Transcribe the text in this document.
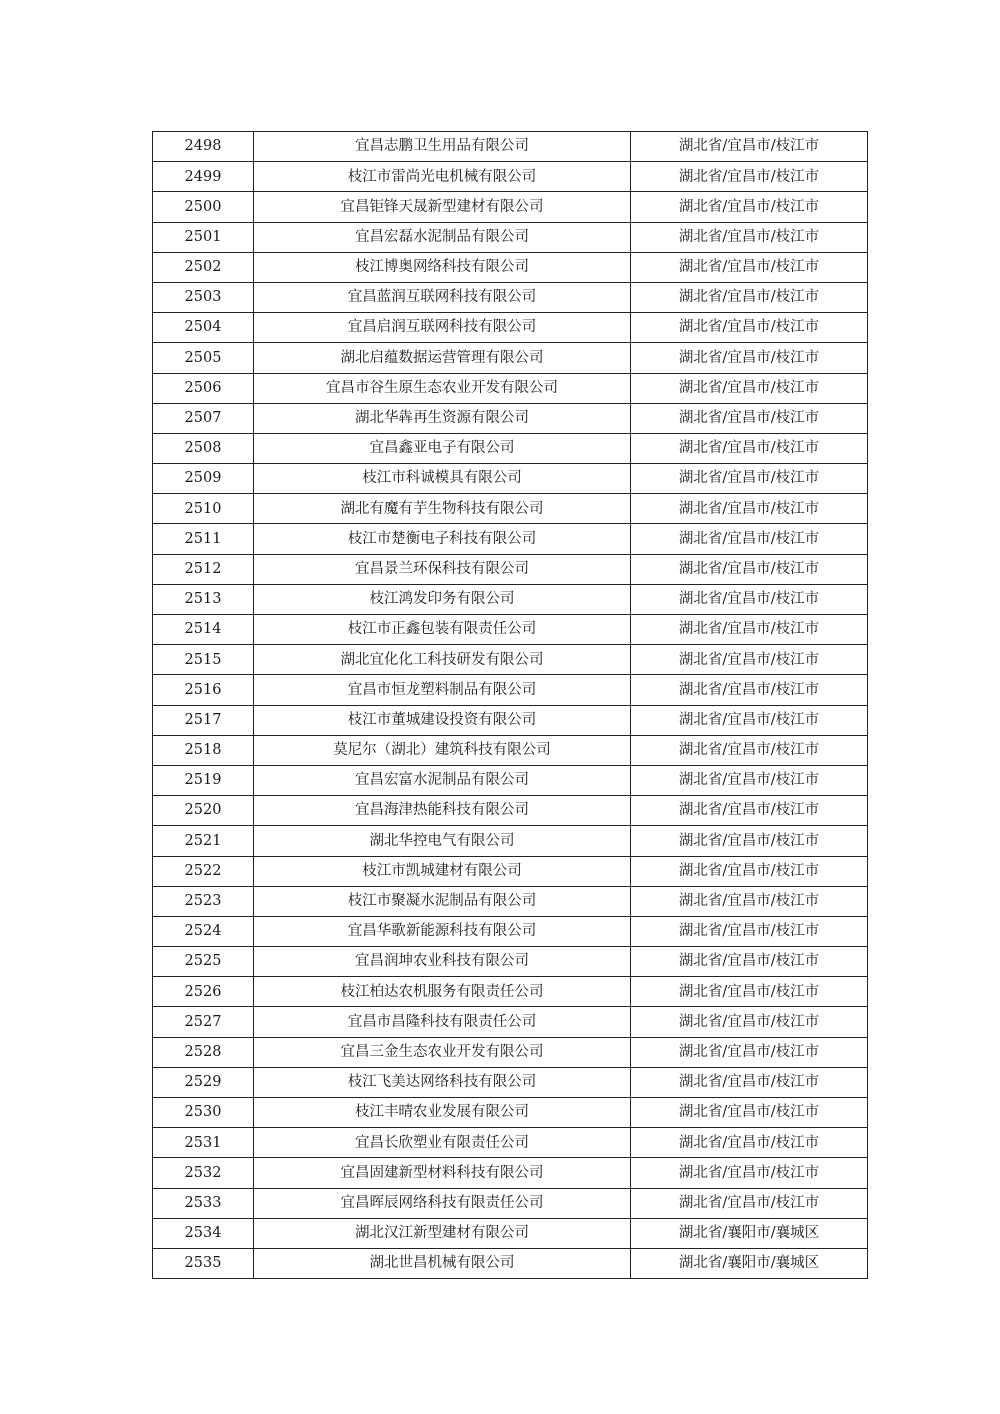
2498	宜昌志鹏卫生用品有限公司	湖北省/宜昌市/枝江市
2499	枝江市雷尚光电机械有限公司	湖北省/宜昌市/枝江市
2500	宜昌钜锋天晟新型建材有限公司	湖北省/宜昌市/枝江市
2501	宜昌宏磊水泥制品有限公司	湖北省/宜昌市/枝江市
2502	枝江博奥网络科技有限公司	湖北省/宜昌市/枝江市
2503	宜昌蓝润互联网科技有限公司	湖北省/宜昌市/枝江市
2504	宜昌启润互联网科技有限公司	湖北省/宜昌市/枝江市
2505	湖北启蕴数据运营管理有限公司	湖北省/宜昌市/枝江市
2506	宜昌市谷生原生态农业开发有限公司	湖北省/宜昌市/枝江市
2507	湖北华犇再生资源有限公司	湖北省/宜昌市/枝江市
2508	宜昌鑫亚电子有限公司	湖北省/宜昌市/枝江市
2509	枝江市科诚模具有限公司	湖北省/宜昌市/枝江市
2510	湖北有魔有芋生物科技有限公司	湖北省/宜昌市/枝江市
2511	枝江市楚衡电子科技有限公司	湖北省/宜昌市/枝江市
2512	宜昌景兰环保科技有限公司	湖北省/宜昌市/枝江市
2513	枝江鸿发印务有限公司	湖北省/宜昌市/枝江市
2514	枝江市正鑫包装有限责任公司	湖北省/宜昌市/枝江市
2515	湖北宜化化工科技研发有限公司	湖北省/宜昌市/枝江市
2516	宜昌市恒龙塑料制品有限公司	湖北省/宜昌市/枝江市
2517	枝江市董城建设投资有限公司	湖北省/宜昌市/枝江市
2518	莫尼尔（湖北）建筑科技有限公司	湖北省/宜昌市/枝江市
2519	宜昌宏富水泥制品有限公司	湖北省/宜昌市/枝江市
2520	宜昌海津热能科技有限公司	湖北省/宜昌市/枝江市
2521	湖北华控电气有限公司	湖北省/宜昌市/枝江市
2522	枝江市凯城建材有限公司	湖北省/宜昌市/枝江市
2523	枝江市聚凝水泥制品有限公司	湖北省/宜昌市/枝江市
2524	宜昌华歌新能源科技有限公司	湖北省/宜昌市/枝江市
2525	宜昌润坤农业科技有限公司	湖北省/宜昌市/枝江市
2526	枝江柏达农机服务有限责任公司	湖北省/宜昌市/枝江市
2527	宜昌市昌隆科技有限责任公司	湖北省/宜昌市/枝江市
2528	宜昌三金生态农业开发有限公司	湖北省/宜昌市/枝江市
2529	枝江飞美达网络科技有限公司	湖北省/宜昌市/枝江市
2530	枝江丰晴农业发展有限公司	湖北省/宜昌市/枝江市
2531	宜昌长欣塑业有限责任公司	湖北省/宜昌市/枝江市
2532	宜昌固建新型材料科技有限公司	湖北省/宜昌市/枝江市
2533	宜昌晖辰网络科技有限责任公司	湖北省/宜昌市/枝江市
2534	湖北汉江新型建材有限公司	湖北省/襄阳市/襄城区
2535	湖北世昌机械有限公司	湖北省/襄阳市/襄城区
